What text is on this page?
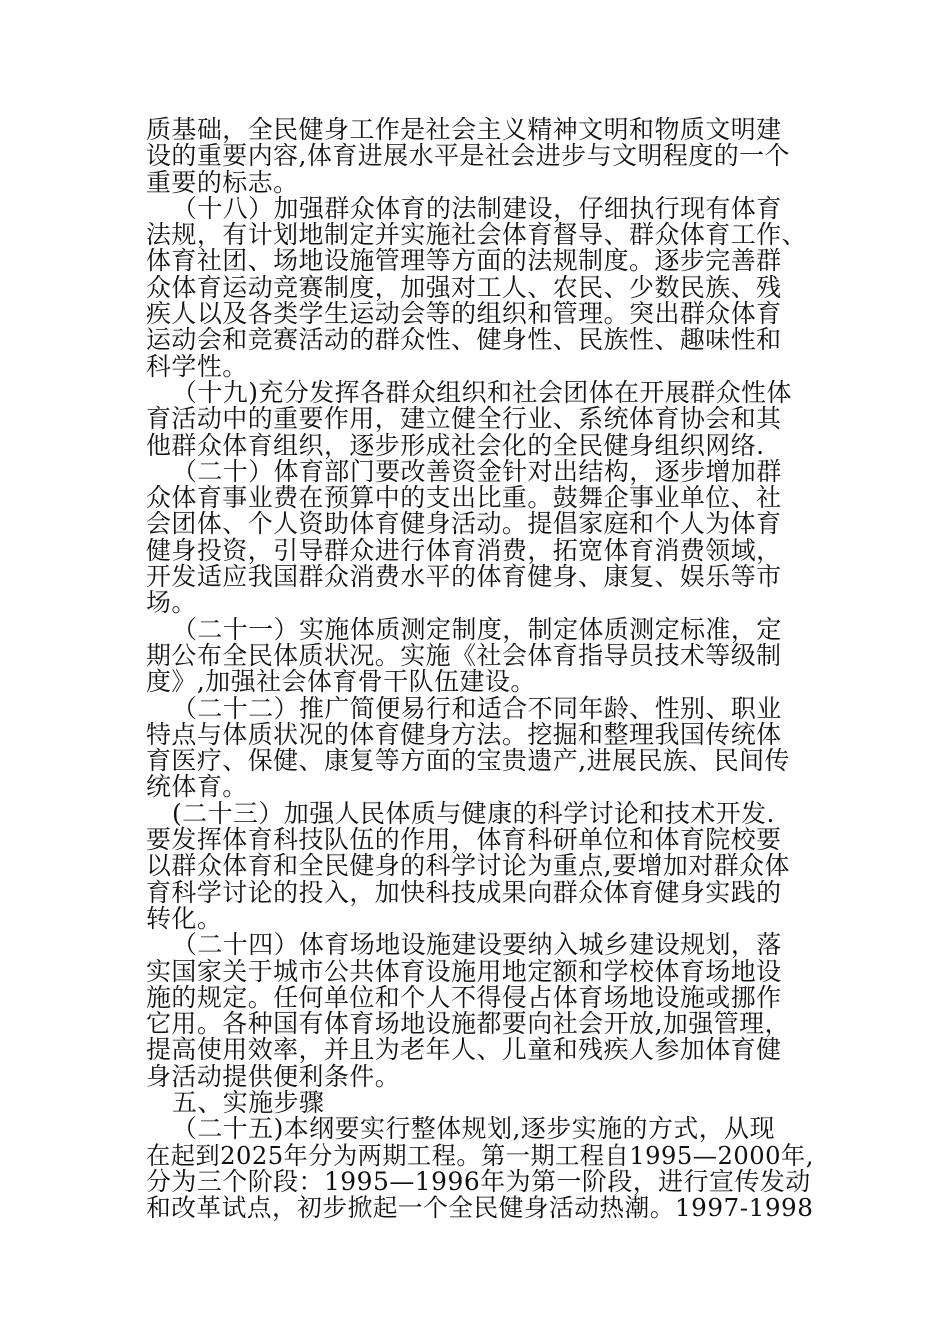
质基础，全民健身工作是社会主义精神文明和物质文明建
设的重要内容,体育进展水平是社会进步与文明程度的一个
重要的标志。
（十八）加强群众体育的法制建设，仔细执行现有体育
法规，有计划地制定并实施社会体育督导、群众体育工作、
体育社团、场地设施管理等方面的法规制度。逐步完善群
众体育运动竞赛制度，加强对工人、农民、少数民族、残
疾人以及各类学生运动会等的组织和管理。突出群众体育
运动会和竞赛活动的群众性、健身性、民族性、趣味性和
科学性。
（十九)充分发挥各群众组织和社会团体在开展群众性体
育活动中的重要作用，建立健全行业、系统体育协会和其
他群众体育组织，逐步形成社会化的全民健身组织网络.
（二十）体育部门要改善资金针对出结构，逐步增加群
众体育事业费在预算中的支出比重。鼓舞企事业单位、社
会团体、个人资助体育健身活动。提倡家庭和个人为体育
健身投资，引导群众进行体育消费，拓宽体育消费领域，
开发适应我国群众消费水平的体育健身、康复、娱乐等市
场。
（二十一）实施体质测定制度，制定体质测定标准，定
期公布全民体质状况。实施《社会体育指导员技术等级制
度》,加强社会体育骨干队伍建设。
（二十二）推广简便易行和适合不同年龄、性别、职业
特点与体质状况的体育健身方法。挖掘和整理我国传统体
育医疗、保健、康复等方面的宝贵遗产,进展民族、民间传
统体育。
(二十三）加强人民体质与健康的科学讨论和技术开发.
要发挥体育科技队伍的作用，体育科研单位和体育院校要
以群众体育和全民健身的科学讨论为重点,要增加对群众体
育科学讨论的投入，加快科技成果向群众体育健身实践的
转化。
（二十四）体育场地设施建设要纳入城乡建设规划，落
实国家关于城市公共体育设施用地定额和学校体育场地设
施的规定。任何单位和个人不得侵占体育场地设施或挪作
它用。各种国有体育场地设施都要向社会开放,加强管理，
提高使用效率，并且为老年人、儿童和残疾人参加体育健
身活动提供便利条件。
五、实施步骤
（二十五)本纲要实行整体规划,逐步实施的方式，从现
在起到2025年分为两期工程。第一期工程自1995—2000年,
分为三个阶段：1995—1996年为第一阶段，进行宣传发动
和改革试点，初步掀起一个全民健身活动热潮。1997-1998
